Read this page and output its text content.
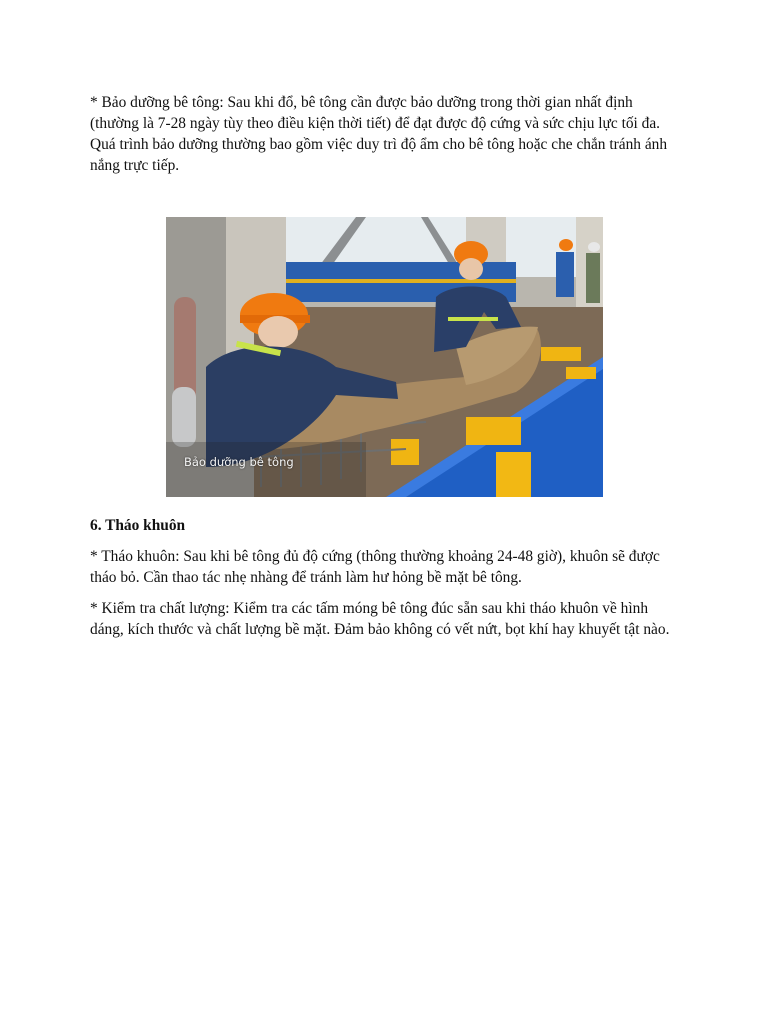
* Bảo dưỡng bê tông: Sau khi đổ, bê tông cần được bảo dưỡng trong thời gian nhất định (thường là 7-28 ngày tùy theo điều kiện thời tiết) để đạt được độ cứng và sức chịu lực tối đa. Quá trình bảo dưỡng thường bao gồm việc duy trì độ ẩm cho bê tông hoặc che chắn tránh ánh nắng trực tiếp.

Bảo dưỡng bê tông
6. Tháo khuôn

* Tháo khuôn: Sau khi bê tông đủ độ cứng (thông thường khoảng 24-48 giờ), khuôn sẽ được tháo bỏ. Cần thao tác nhẹ nhàng để tránh làm hư hỏng bề mặt bê tông.

* Kiểm tra chất lượng: Kiểm tra các tấm móng bê tông đúc sẵn sau khi tháo khuôn về hình dáng, kích thước và chất lượng bề mặt. Đảm bảo không có vết nứt, bọt khí hay khuyết tật nào.
